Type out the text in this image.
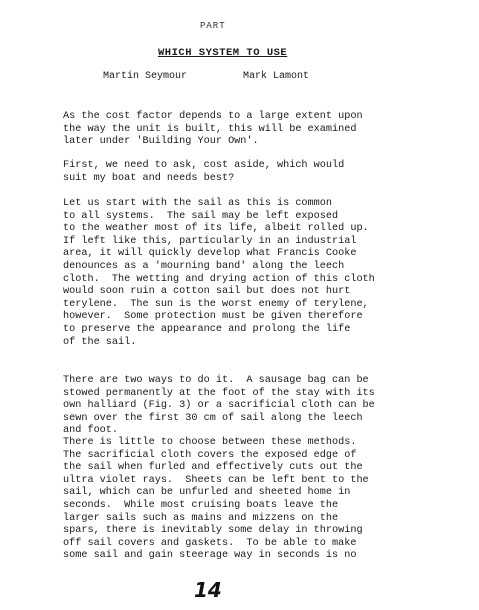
PART
WHICH SYSTEM TO USE
Martin Seymour	Mark Lamont
As the cost factor depends to a large extent upon
the way the unit is built, this will be examined
later under 'Building Your Own'.
First, we need to ask, cost aside, which would
suit my boat and needs best?
Let us start with the sail as this is common
to all systems.  The sail may be left exposed
to the weather most of its life, albeit rolled up.
If left like this, particularly in an industrial
area, it will quickly develop what Francis Cooke
denounces as a 'mourning band' along the leech
cloth.  The wetting and drying action of this cloth
would soon ruin a cotton sail but does not hurt
terylene.  The sun is the worst enemy of terylene,
however.  Some protection must be given therefore
to preserve the appearance and prolong the life
of the sail.
There are two ways to do it.  A sausage bag can be
stowed permanently at the foot of the stay with its
own halliard (Fig. 3) or a sacrificial cloth can be
sewn over the first 30 cm of sail along the leech
and foot.
There is little to choose between these methods.
The sacrificial cloth covers the exposed edge of
the sail when furled and effectively cuts out the
ultra violet rays.  Sheets can be left bent to the
sail, which can be unfurled and sheeted home in
seconds.  While most cruising boats leave the
larger sails such as mains and mizzens on the
spars, there is inevitably some delay in throwing
off sail covers and gaskets.  To be able to make
some sail and gain steerage way in seconds is no
14
